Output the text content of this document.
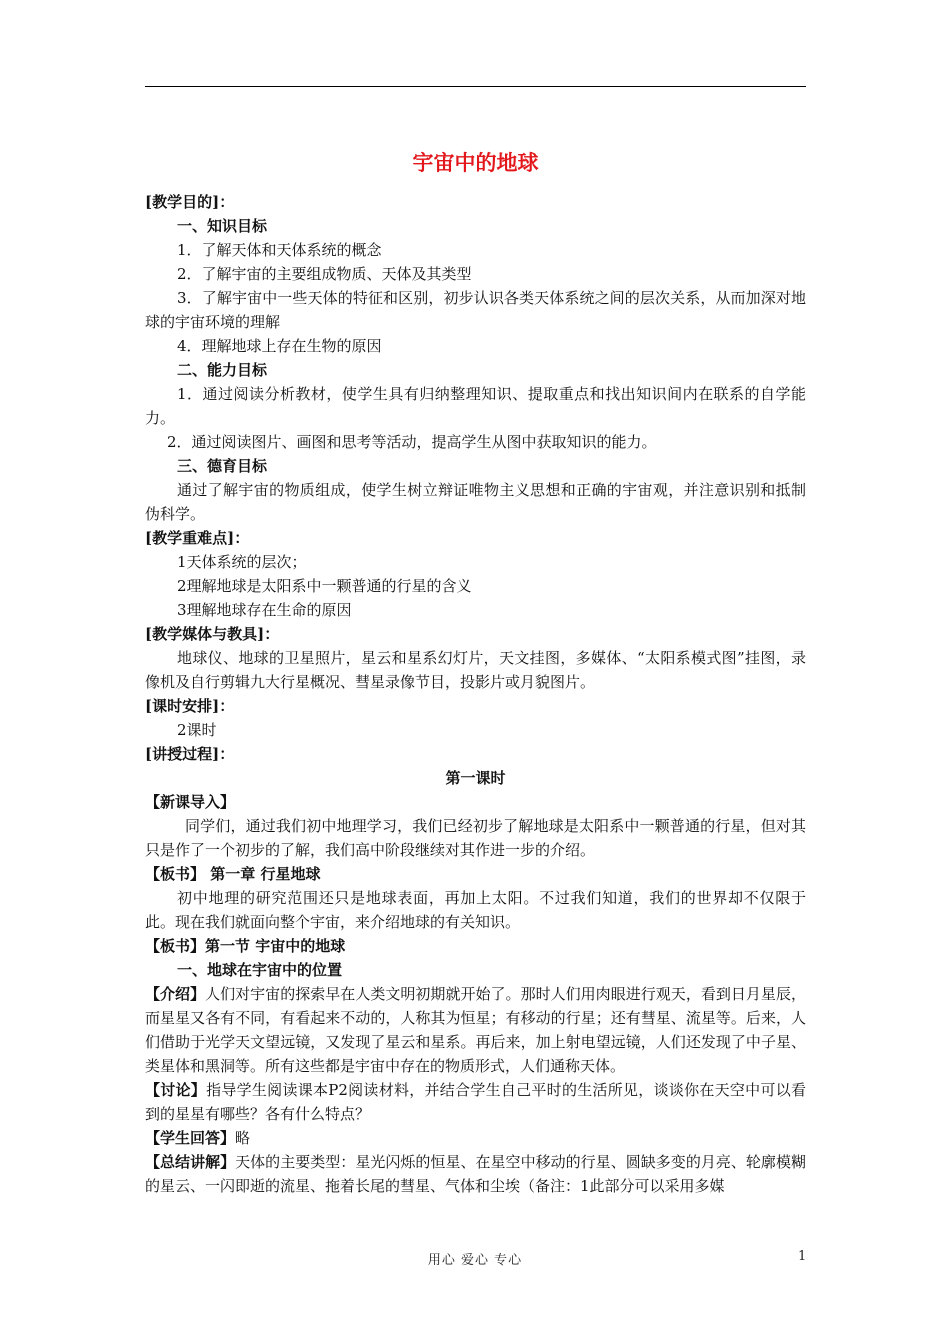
宇宙中的地球

[教学目的]：

一、知识目标

1．了解天体和天体系统的概念

2．了解宇宙的主要组成物质、天体及其类型

3．了解宇宙中一些天体的特征和区别，初步认识各类天体系统之间的层次关系，从而加深对地球的宇宙环境的理解

4．理解地球上存在生物的原因

二、能力目标

1．通过阅读分析教材，使学生具有归纳整理知识、提取重点和找出知识间内在联系的自学能力。

2．通过阅读图片、画图和思考等活动，提高学生从图中获取知识的能力。

三、德育目标

通过了解宇宙的物质组成，使学生树立辩证唯物主义思想和正确的宇宙观，并注意识别和抵制伪科学。

[教学重难点]：

1天体系统的层次；

2理解地球是太阳系中一颗普通的行星的含义

3理解地球存在生命的原因

[教学媒体与教具]：

地球仪、地球的卫星照片，星云和星系幻灯片，天文挂图，多媒体、“太阳系模式图”挂图，录像机及自行剪辑九大行星概况、彗星录像节目，投影片或月貌图片。

[课时安排]：

2课时

[讲授过程]：

第一课时

【新课导入】

同学们，通过我们初中地理学习，我们已经初步了解地球是太阳系中一颗普通的行星，但对其只是作了一个初步的了解，我们高中阶段继续对其作进一步的介绍。

【板书】 第一章 行星地球

初中地理的研究范围还只是地球表面，再加上太阳。不过我们知道，我们的世界却不仅限于此。现在我们就面向整个宇宙，来介绍地球的有关知识。

【板书】第一节 宇宙中的地球

一、地球在宇宙中的位置

【介绍】人们对宇宙的探索早在人类文明初期就开始了。那时人们用肉眼进行观天，看到日月星辰，而星星又各有不同，有看起来不动的，人称其为恒星；有移动的行星；还有彗星、流星等。后来，人们借助于光学天文望远镜，又发现了星云和星系。再后来，加上射电望远镜，人们还发现了中子星、类星体和黑洞等。所有这些都是宇宙中存在的物质形式，人们通称天体。

【讨论】指导学生阅读课本P2阅读材料，并结合学生自己平时的生活所见，谈谈你在天空中可以看到的星星有哪些？各有什么特点？

【学生回答】略

【总结讲解】天体的主要类型：星光闪烁的恒星、在星空中移动的行星、圆缺多变的月亮、轮廓模糊的星云、一闪即逝的流星、拖着长尾的彗星、气体和尘埃（备注：1此部分可以采用多媒

用心 爱心 专心	1
